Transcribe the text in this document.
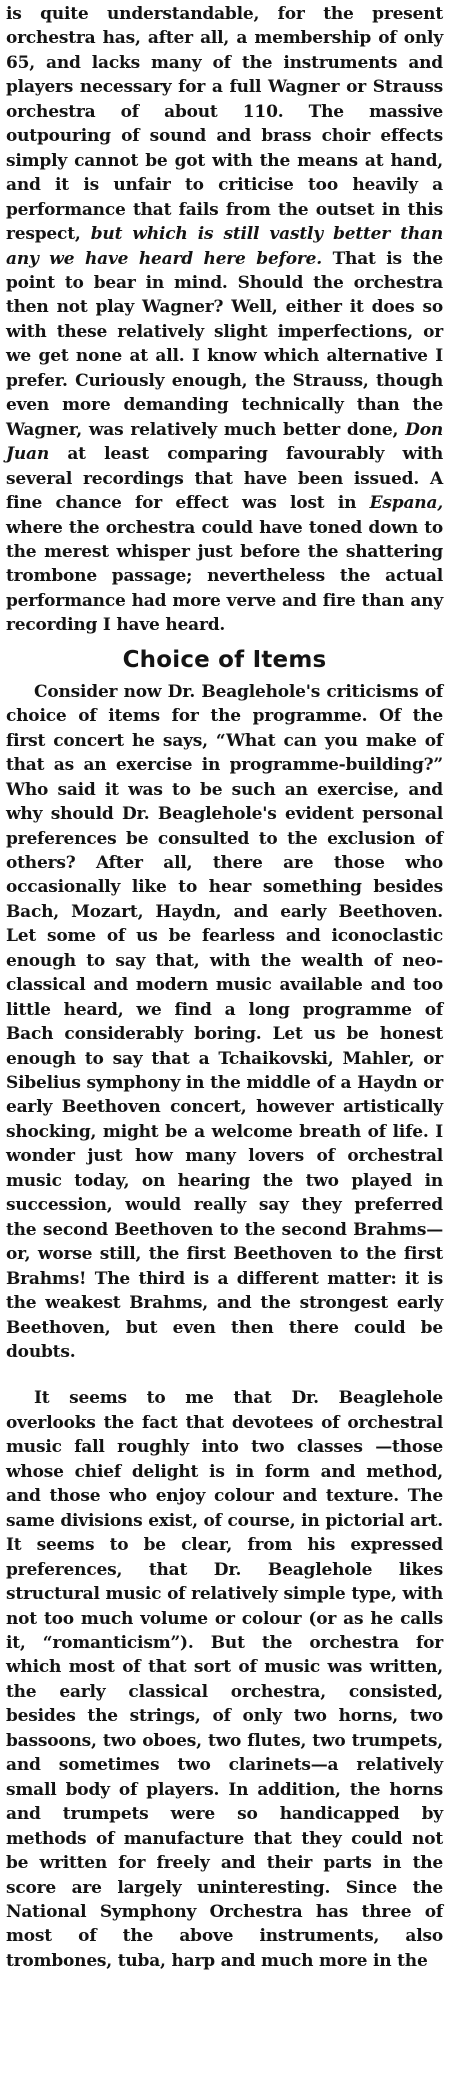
is quite understandable, for the present orchestra has, after all, a membership of only 65, and lacks many of the instruments and players necessary for a full Wagner or Strauss orchestra of about 110. The massive outpouring of sound and brass choir effects simply cannot be got with the means at hand, and it is unfair to criticise too heavily a performance that fails from the outset in this respect, but which is still vastly better than any we have heard here before. That is the point to bear in mind. Should the orchestra then not play Wagner? Well, either it does so with these relatively slight imperfections, or we get none at all. I know which alternative I prefer. Curiously enough, the Strauss, though even more demanding technically than the Wagner, was relatively much better done, Don Juan at least comparing favourably with several recordings that have been issued. A fine chance for effect was lost in Espana, where the orchestra could have toned down to the merest whisper just before the shattering trombone passage; nevertheless the actual performance had more verve and fire than any recording I have heard.

Choice of Items

Consider now Dr. Beaglehole's criticisms of choice of items for the programme. Of the first concert he says, “What can you make of that as an exercise in programme-building?” Who said it was to be such an exercise, and why should Dr. Beaglehole's evident personal preferences be consulted to the exclusion of others? After all, there are those who occasionally like to hear something besides Bach, Mozart, Haydn, and early Beethoven. Let some of us be fearless and iconoclastic enough to say that, with the wealth of neo-classical and modern music available and too little heard, we find a long programme of Bach considerably boring. Let us be honest enough to say that a Tchaikovski, Mahler, or Sibelius symphony in the middle of a Haydn or early Beethoven concert, however artistically shocking, might be a welcome breath of life. I wonder just how many lovers of orchestral music today, on hearing the two played in succession, would really say they preferred the second Beethoven to the second Brahms—or, worse still, the first Beethoven to the first Brahms! The third is a different matter: it is the weakest Brahms, and the strongest early Beethoven, but even then there could be doubts.

It seems to me that Dr. Beaglehole overlooks the fact that devotees of orchestral music fall roughly into two classes —those whose chief delight is in form and method, and those who enjoy colour and texture. The same divisions exist, of course, in pictorial art. It seems to be clear, from his expressed preferences, that Dr. Beaglehole likes structural music of relatively simple type, with not too much volume or colour (or as he calls it, “romanticism”). But the orchestra for which most of that sort of music was written, the early classical orchestra, consisted, besides the strings, of only two horns, two bassoons, two oboes, two flutes, two trumpets, and sometimes two clarinets—a relatively small body of players. In addition, the horns and trumpets were so handicapped by methods of manufacture that they could not be written for freely and their parts in the score are largely uninteresting. Since the National Symphony Orchestra has three of most of the above instruments, also trombones, tuba, harp and much more in the
